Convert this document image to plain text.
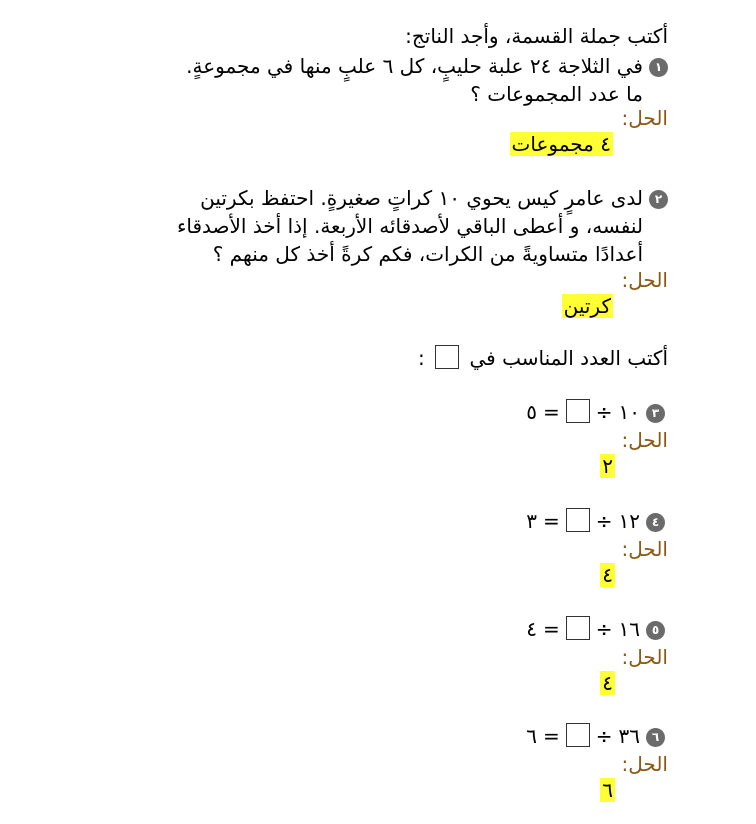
أكتب جملة القسمة، وأجد الناتج:
١في الثلاجة ٢٤ علبة حليبٍ، كل ٦ علبٍ منها في مجموعةٍ.
ما عدد المجموعات ؟
الحل:
٤ مجموعات
٢لدى عامرٍ كيس يحوي ١٠ كراتٍ صغيرةٍ. احتفظ بكرتين
لنفسه، و أعطى الباقي لأصدقائه الأربعة. إذا أخذ الأصدقاء
أعدادًا متساويةً من الكرات، فكم كرةً أخذ كل منهم ؟
الحل:
كرتين
أكتب العدد المناسب في  :
٣١٠÷=٥
الحل:
٢
٤١٢÷=٣
الحل:
٤
٥١٦÷=٤
الحل:
٤
٦٣٦÷=٦
الحل:
٦
